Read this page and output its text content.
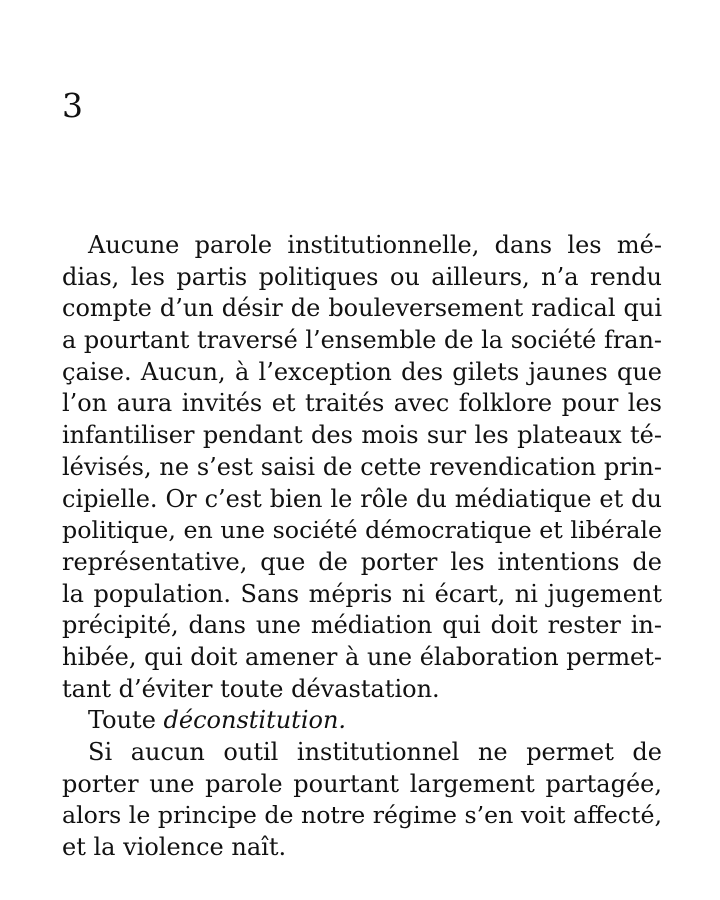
3
Aucune parole institutionnelle, dans les mé-
dias, les partis politiques ou ailleurs, n’a rendu
compte d’un désir de bouleversement radical qui
a pourtant traversé l’ensemble de la société fran-
çaise. Aucun, à l’exception des gilets jaunes que
l’on aura invités et traités avec folklore pour les
infantiliser pendant des mois sur les plateaux té-
lévisés, ne s’est saisi de cette revendication prin-
cipielle. Or c’est bien le rôle du médiatique et du
politique, en une société démocratique et libérale
représentative, que de porter les intentions de
la population. Sans mépris ni écart, ni jugement
précipité, dans une médiation qui doit rester in-
hibée, qui doit amener à une élaboration permet-
tant d’éviter toute dévastation.
Toute déconstitution.
Si aucun outil institutionnel ne permet de
porter une parole pourtant largement partagée,
alors le principe de notre régime s’en voit affecté,
et la violence naît.
